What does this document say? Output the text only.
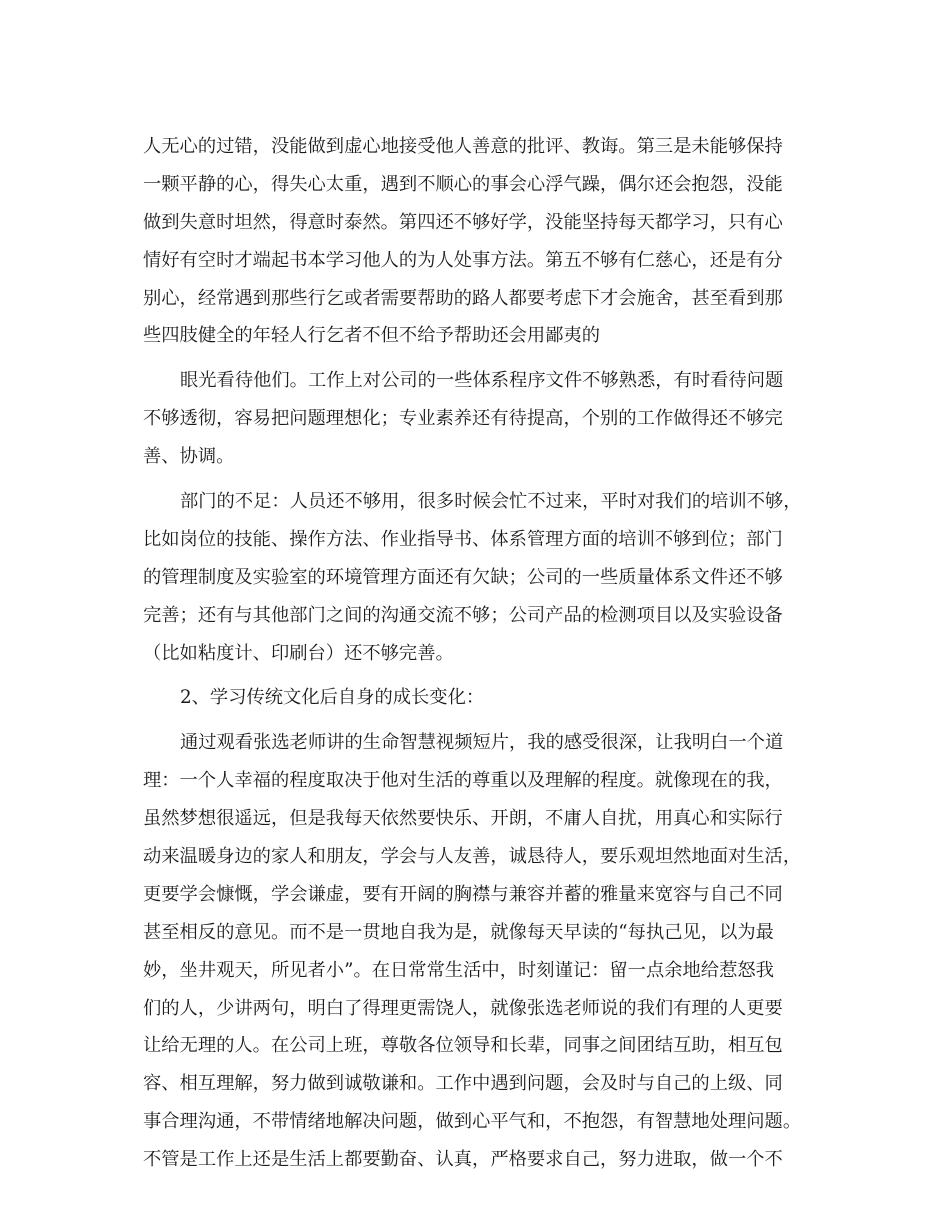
人无心的过错，没能做到虚心地接受他人善意的批评、教诲。第三是未能够保持
一颗平静的心，得失心太重，遇到不顺心的事会心浮气躁，偶尔还会抱怨，没能
做到失意时坦然，得意时泰然。第四还不够好学，没能坚持每天都学习，只有心
情好有空时才端起书本学习他人的为人处事方法。第五不够有仁慈心，还是有分
别心，经常遇到那些行乞或者需要帮助的路人都要考虑下才会施舍，甚至看到那
些四肢健全的年轻人行乞者不但不给予帮助还会用鄙夷的
眼光看待他们。工作上对公司的一些体系程序文件不够熟悉，有时看待问题
不够透彻，容易把问题理想化；专业素养还有待提高，个别的工作做得还不够完
善、协调。
部门的不足：人员还不够用，很多时候会忙不过来，平时对我们的培训不够，
比如岗位的技能、操作方法、作业指导书、体系管理方面的培训不够到位；部门
的管理制度及实验室的环境管理方面还有欠缺；公司的一些质量体系文件还不够
完善；还有与其他部门之间的沟通交流不够；公司产品的检测项目以及实验设备
（比如粘度计、印刷台）还不够完善。
2、学习传统文化后自身的成长变化：
通过观看张选老师讲的生命智慧视频短片，我的感受很深，让我明白一个道
理：一个人幸福的程度取决于他对生活的尊重以及理解的程度。就像现在的我，
虽然梦想很遥远，但是我每天依然要快乐、开朗，不庸人自扰，用真心和实际行
动来温暖身边的家人和朋友，学会与人友善，诚恳待人，要乐观坦然地面对生活，
更要学会慷慨，学会谦虚，要有开阔的胸襟与兼容并蓄的雅量来宽容与自己不同
甚至相反的意见。而不是一贯地自我为是，就像每天早读的“每执己见，以为最
妙，坐井观天，所见者小”。在日常常生活中，时刻谨记：留一点余地给惹怒我
们的人，少讲两句，明白了得理更需饶人，就像张选老师说的我们有理的人更要
让给无理的人。在公司上班，尊敬各位领导和长辈，同事之间团结互助，相互包
容、相互理解，努力做到诚敬谦和。工作中遇到问题，会及时与自己的上级、同
事合理沟通，不带情绪地解决问题，做到心平气和，不抱怨，有智慧地处理问题。
不管是工作上还是生活上都要勤奋、认真，严格要求自己，努力进取，做一个不
